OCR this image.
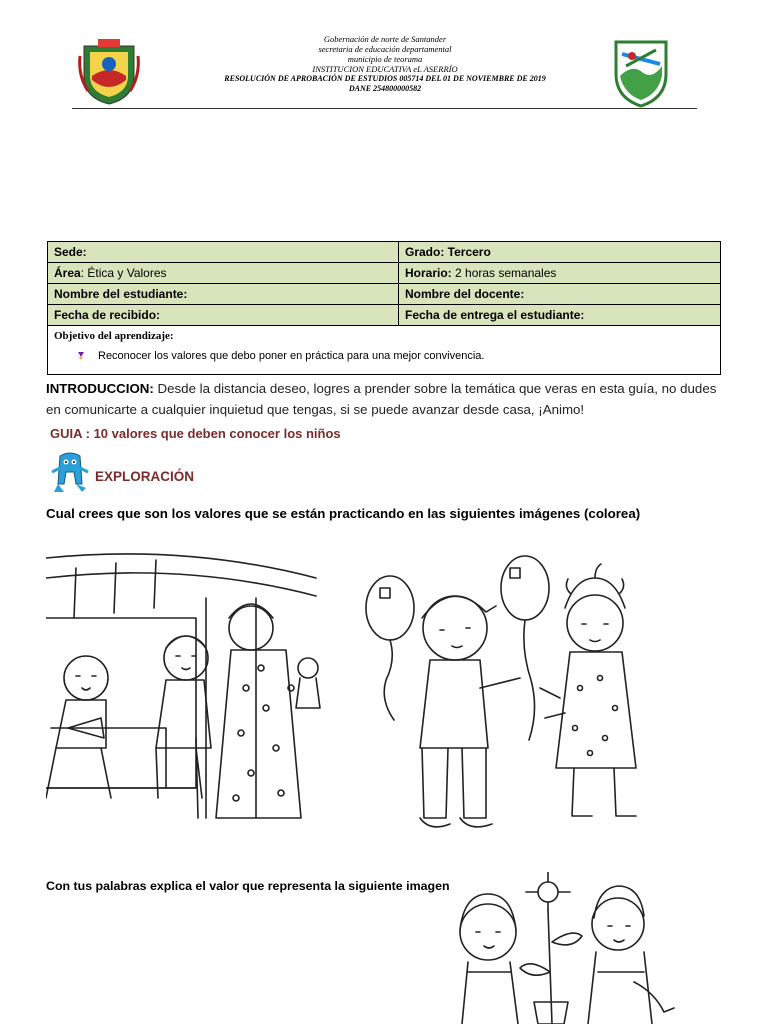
Gobernación de norte de Santander
secretaria de educación departamental
municipio de teorama
INSTITUCION EDUCATIVA eL ASERRÍO
RESOLUCIÓN DE APROBACIÓN DE ESTUDIOS 005714 DEL 01 DE NOVIEMBRE DE 2019
DANE 254800000582
Sede:	Grado: Tercero
Área: Ética y Valores	Horario: 2 horas semanales
Nombre del estudiante:	Nombre del docente:
Fecha de recibido:	Fecha de entrega el estudiante:

Objetivo del aprendizaje:
Reconocer los valores que debo poner en práctica para una mejor convivencia.	
INTRODUCCION: Desde la distancia deseo, logres a prender sobre la temática que veras en esta guía, no dudes en comunicarte a cualquier inquietud que tengas, si se puede avanzar desde casa, ¡Animo!
GUIA : 10 valores que deben conocer los niños
EXPLORACIÓN
Cual crees que son los valores que se están practicando en las siguientes imágenes (colorea)
Con tus palabras explica el valor que representa la siguiente imagen
